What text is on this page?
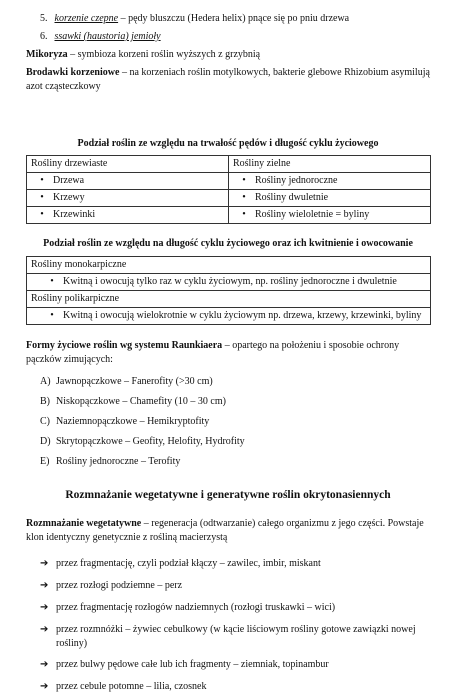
5. korzenie czepne – pędy bluszczu (Hedera helix) pnące się po pniu drzewa
6. ssawki (haustoria) jemioły
Mikoryza – symbioza korzeni roślin wyższych z grzybnią
Brodawki korzeniowe – na korzeniach roślin motylkowych, bakterie glebowe Rhizobium asymilują azot cząsteczkowy
Podział roślin ze względu na trwałość pędów i długość cyklu życiowego
Rośliny drzewiaste	Rośliny zielne
• Drzewa	• Rośliny jednoroczne
• Krzewy	• Rośliny dwuletnie
• Krzewinki	• Rośliny wieloletnie = byliny
Podział roślin ze względu na długość cyklu życiowego oraz ich kwitnienie i owocowanie
Rośliny monokarpiczne
• Kwitną i owocują tylko raz w cyklu życiowym, np. rośliny jednoroczne i dwuletnie
Rośliny polikarpiczne
• Kwitną i owocują wielokrotnie w cyklu życiowym np. drzewa, krzewy, krzewinki, byliny
Formy życiowe roślin wg systemu Raunkiaera – opartego na położeniu i sposobie ochrony pączków zimujących:
A) Jawnopączkowe – Fanerofity (>30 cm)
B) Niskopączkowe – Chamefity (10 – 30 cm)
C) Naziemnopączkowe – Hemikryptofity
D) Skrytopączkowe – Geofity, Helofity, Hydrofity
E) Rośliny jednoroczne – Terofity
Rozmnażanie wegetatywne i generatywne roślin okrytonasiennych
Rozmnażanie wegetatywne – regeneracja (odtwarzanie) całego organizmu z jego części. Powstaje klon identyczny genetycznie z rośliną macierzystą
➔ przez fragmentację, czyli podział kłączy – zawilec, imbir, miskant
➔ przez rozłogi podziemne – perz
➔ przez fragmentację rozłogów nadziemnych (rozłogi truskawki – wici)
➔ przez rozmnóżki – żywiec cebulkowy (w kącie liściowym rośliny gotowe zawiązki nowej rośliny)
➔ przez bulwy pędowe całe lub ich fragmenty – ziemniak, topinambur
➔ przez cebule potomne – lilia, czosnek
